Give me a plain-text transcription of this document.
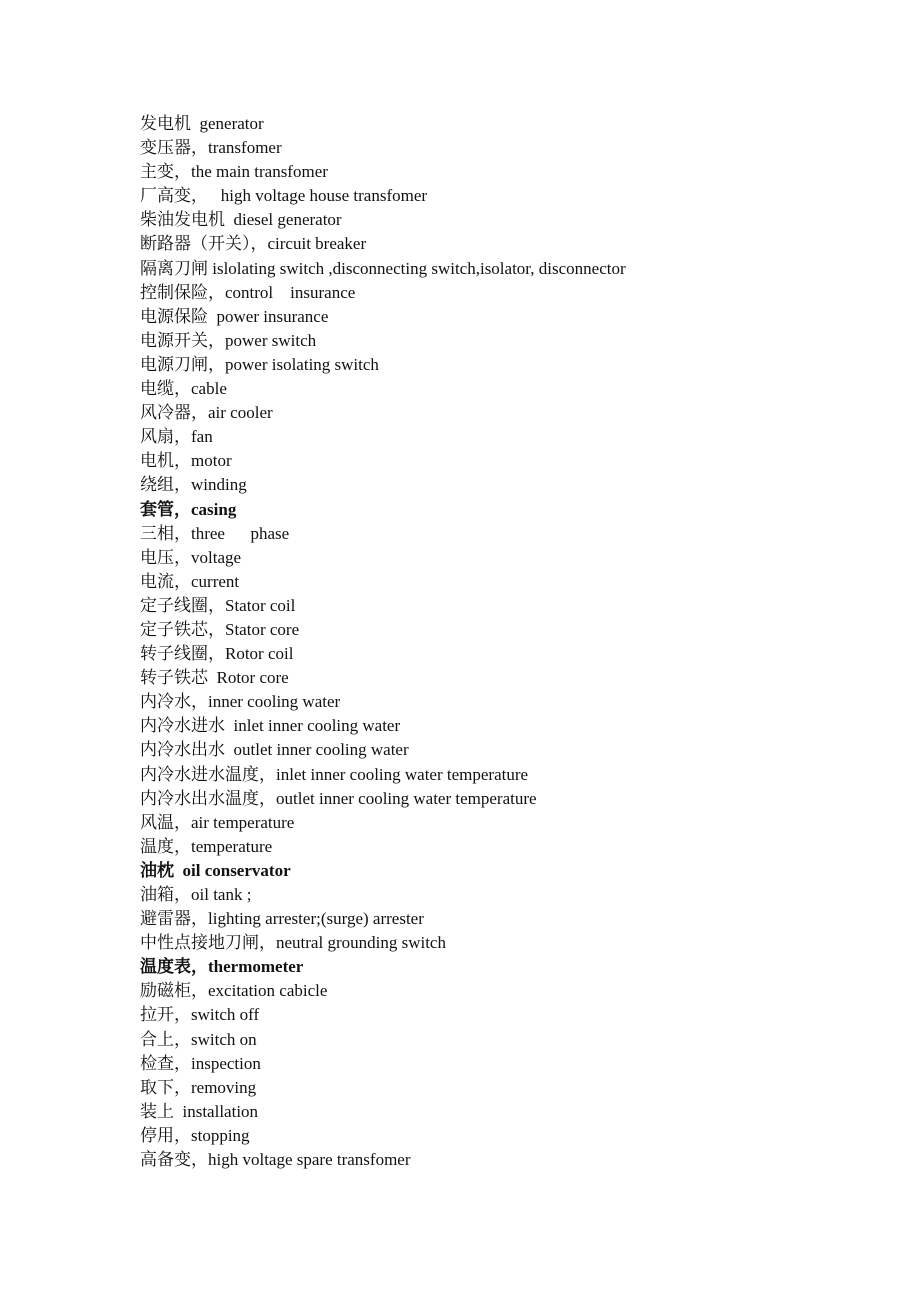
发电机  generator
变压器，transfomer
主变，the main transfomer
厂高变，   high voltage house transfomer
柴油发电机  diesel generator
断路器（开关），circuit breaker
隔离刀闸 islolating switch ,disconnecting switch,isolator, disconnector
控制保险，control    insurance
电源保险  power insurance
电源开关，power switch
电源刀闸，power isolating switch
电缆，cable
风冷器，air cooler
风扇，fan
电机，motor
绕组，winding
套管，casing
三相，three      phase
电压，voltage
电流，current
定子线圈，Stator coil
定子铁芯，Stator core
转子线圈，Rotor coil
转子铁芯  Rotor core
内冷水，inner cooling water
内冷水进水  inlet inner cooling water
内冷水出水  outlet inner cooling water
内冷水进水温度，inlet inner cooling water temperature
内冷水出水温度，outlet inner cooling water temperature
风温，air temperature
温度，temperature
油枕  oil conservator
油箱，oil tank ;
避雷器，lighting arrester;(surge) arrester
中性点接地刀闸，neutral grounding switch
温度表，thermometer
励磁柜，excitation cabicle
拉开，switch off
合上，switch on
检查，inspection
取下，removing
装上  installation
停用，stopping
高备变，high voltage spare transfomer
